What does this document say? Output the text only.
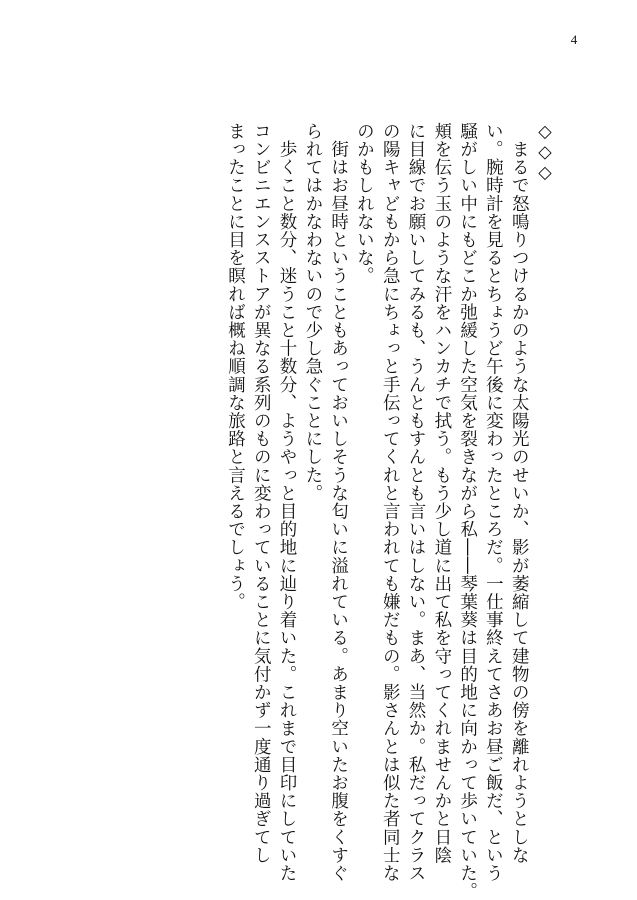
4
◇◇◇
　まるで怒鳴りつけるかのような太陽光のせいか、影が萎縮して建物の傍を離れようとしな
い。腕時計を見るとちょうど午後に変わったところだ。一仕事終えてさあお昼ご飯だ、という
騒がしい中にもどこか弛緩した空気を裂きながら私――琴葉葵は目的地に向かって歩いていた。
頬を伝う玉のような汗をハンカチで拭う。もう少し道に出て私を守ってくれませんかと日陰
に目線でお願いしてみるも、うんともすんとも言いはしない。まあ、当然か。私だってクラス
の陽キャどもから急にちょっと手伝ってくれと言われても嫌だもの。影さんとは似た者同士な
のかもしれないな。
　街はお昼時ということもあっておいしそうな匂いに溢れている。あまり空いたお腹をくすぐ
られてはかなわないので少し急ぐことにした。
　歩くこと数分、迷うこと十数分、ようやっと目的地に辿り着いた。これまで目印にしていた
コンビニエンスストアが異なる系列のものに変わっていることに気付かず一度通り過ぎてし
まったことに目を瞑れば概ね順調な旅路と言えるでしょう。
